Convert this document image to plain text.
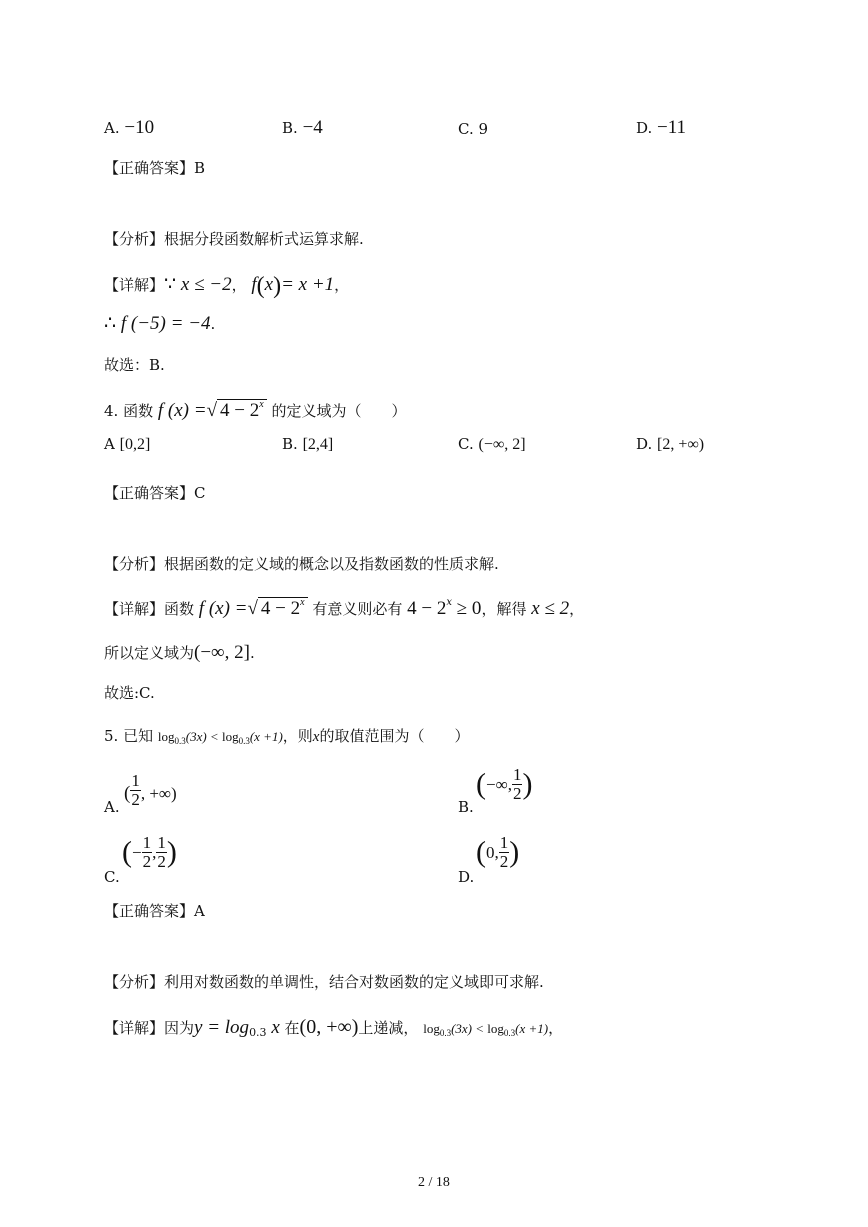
A. −10	B. −4	C. 9	D. −11
【正确答案】B
【分析】根据分段函数解析式运算求解.
【详解】∵ x ≤ −2， f(x)= x +1，
∴ f (−5) = −4.
故选：B.
4. 函数 f (x) =√ $4 - 2^x$ 的定义域为（　　）
A [0,2]	B. [2,4]	C. (−∞, 2]	D. [2, +∞)
【正确答案】C
【分析】根据函数的定义域的概念以及指数函数的性质求解.
【详解】函数 f (x) =√ $4 - 2^x$ 有意义则必有 $4 - 2^x \ge 0$，解得 x ≤ 2，
所以定义域为(−∞, 2].
故选:C.
5. 已知 $\log_{0.3}(3x) < \log_{0.3}(x +1)$，则x的取值范围为（　　）
A.
( $\frac{1}{2}$ , +∞)
B.
(−∞, $\frac{1}{2}$ )
C.
(− $\frac{1}{2}$ , $\frac{1}{2}$ )
D.
(0, $\frac{1}{2}$ )
【正确答案】A
【分析】利用对数函数的单调性，结合对数函数的定义域即可求解.
【详解】因为$y = \log_{0.3} x$ 在(0, +∞)上递减， $\log_{0.3}(3x) < \log_{0.3}(x +1)$，
2 / 18
